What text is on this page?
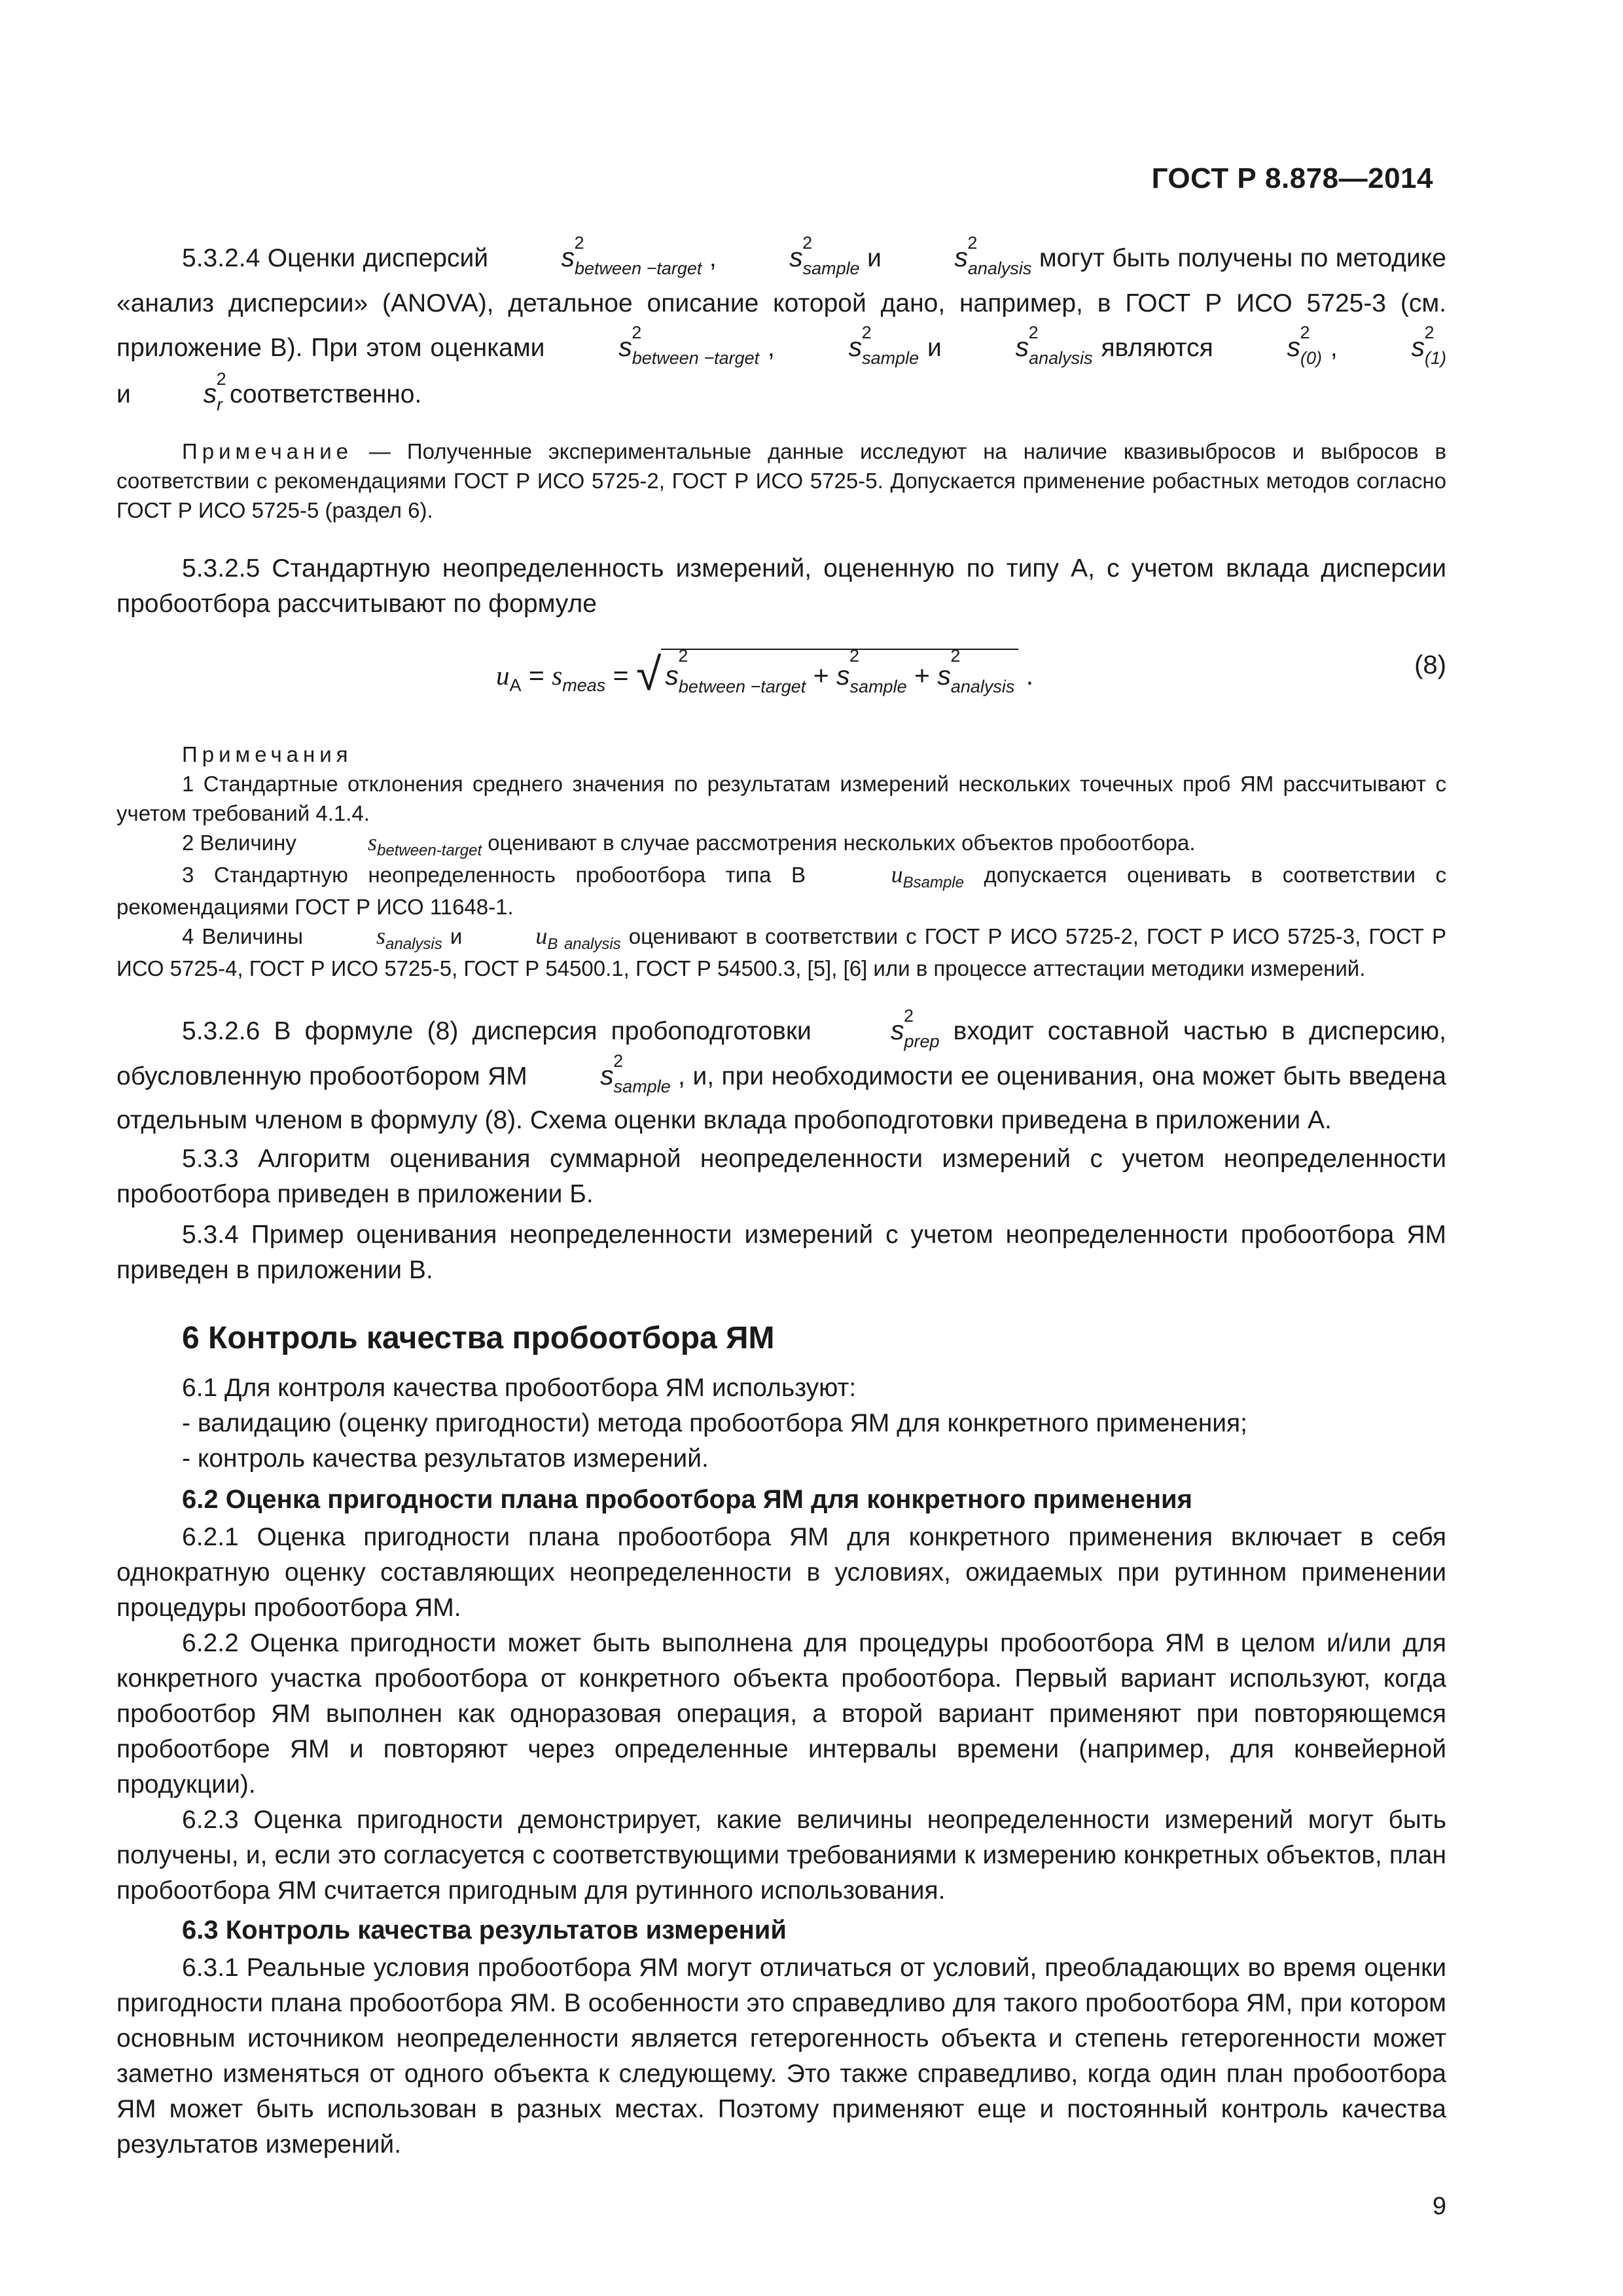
ГОСТ Р 8.878—2014

5.3.2.4 Оценки дисперсий s 2
$_{between -target}$ , s 2
$_{sample}$ и s 2
$_{analysis}$ могут быть получены по методике «анализ дисперсии» (ANOVA), детальное описание которой дано, например, в ГОСТ Р ИСО 5725-3 (см. приложение В). При этом оценками s 2
$_{between -target}$ , s 2
$_{sample}$ и s 2
$_{analysis}$ являются s 2
$_{(0)}$ , s 2
$_{(1)}$ и s 2
$_r$ соответственно.

Примечание — Полученные экспериментальные данные исследуют на наличие квазивыбросов и выбросов в соответствии с рекомендациями ГОСТ Р ИСО 5725-2, ГОСТ Р ИСО 5725-5. Допускается применение робастных методов согласно ГОСТ Р ИСО 5725-5 (раздел 6).

5.3.2.5 Стандартную неопределенность измерений, оцененную по типу А, с учетом вклада дисперсии пробоотбора рассчитывают по формуле

$u_A = s_{meas}$ = √ s
2
$_{between -target}$ + s
2
$_{sample}$ + s
2
$_{analysis}$ .	(8)

Примечания

1 Стандартные отклонения среднего значения по результатам измерений нескольких точечных проб ЯМ рассчитывают с учетом требований 4.1.4.

2 Величину	$s_{between-target}$ оценивают в случае рассмотрения нескольких объектов пробоотбора.

3 Стандартную неопределенность пробоотбора типа В	$u_{Bsample}$ допускается оценивать в соответствии с рекомендациями ГОСТ Р ИСО 11648-1.

4 Величины	$s_{analysis}$ и	$u_{B analysis}$ оценивают в соответствии с ГОСТ Р ИСО 5725-2, ГОСТ Р ИСО 5725-3, ГОСТ Р ИСО 5725-4, ГОСТ Р ИСО 5725-5, ГОСТ Р 54500.1, ГОСТ Р 54500.3, [5], [6] или в процессе аттестации методики измерений.

5.3.2.6 В формуле (8) дисперсия пробоподготовки s 2
$_{prep}$ входит составной частью в дисперсию, обусловленную пробоотбором ЯМ s 2
$_{sample}$ , и, при необходимости ее оценивания, она может быть введена отдельным членом в формулу (8). Схема оценки вклада пробоподготовки приведена в приложении А.

5.3.3 Алгоритм оценивания суммарной неопределенности измерений с учетом неопределенности пробоотбора приведен в приложении Б.

5.3.4 Пример оценивания неопределенности измерений с учетом неопределенности пробоотбора ЯМ приведен в приложении В.

6 Контроль качества пробоотбора ЯМ

6.1 Для контроля качества пробоотбора ЯМ используют:

- валидацию (оценку пригодности) метода пробоотбора ЯМ для конкретного применения;

- контроль качества результатов измерений.

6.2 Оценка пригодности плана пробоотбора ЯМ для конкретного применения

6.2.1 Оценка пригодности плана пробоотбора ЯМ для конкретного применения включает в себя однократную оценку составляющих неопределенности в условиях, ожидаемых при рутинном применении процедуры пробоотбора ЯМ.

6.2.2 Оценка пригодности может быть выполнена для процедуры пробоотбора ЯМ в целом и/или для конкретного участка пробоотбора от конкретного объекта пробоотбора. Первый вариант используют, когда пробоотбор ЯМ выполнен как одноразовая операция, а второй вариант применяют при повторяющемся пробоотборе ЯМ и повторяют через определенные интервалы времени (например, для конвейерной продукции).

6.2.3 Оценка пригодности демонстрирует, какие величины неопределенности измерений могут быть получены, и, если это согласуется с соответствующими требованиями к измерению конкретных объектов, план пробоотбора ЯМ считается пригодным для рутинного использования.

6.3 Контроль качества результатов измерений

6.3.1 Реальные условия пробоотбора ЯМ могут отличаться от условий, преобладающих во время оценки пригодности плана пробоотбора ЯМ. В особенности это справедливо для такого пробоотбора ЯМ, при котором основным источником неопределенности является гетерогенность объекта и степень гетерогенности может заметно изменяться от одного объекта к следующему. Это также справедливо, когда один план пробоотбора ЯМ может быть использован в разных местах. Поэтому применяют еще и постоянный контроль качества результатов измерений.

9
